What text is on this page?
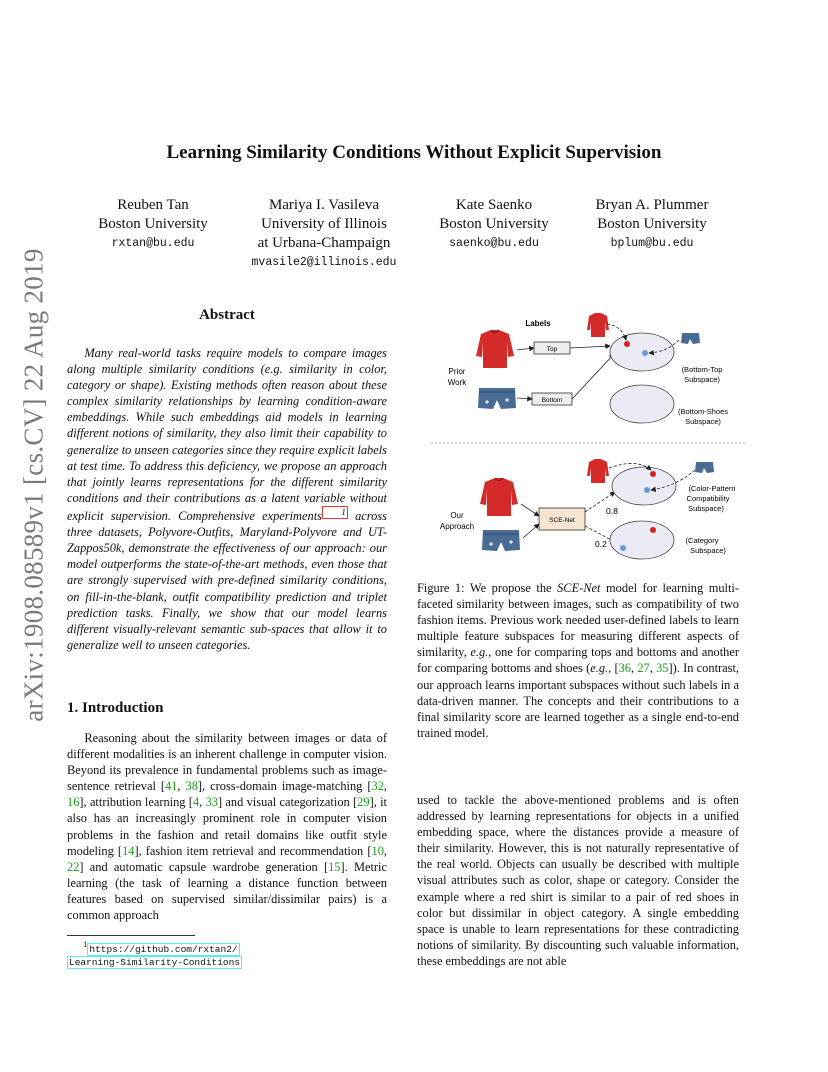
arXiv:1908.08589v1 [cs.CV] 22 Aug 2019
Learning Similarity Conditions Without Explicit Supervision
Reuben Tan
Boston University
rxtan@bu.edu
Mariya I. Vasileva
University of Illinois
at Urbana-Champaign
mvasile2@illinois.edu
Kate Saenko
Boston University
saenko@bu.edu
Bryan A. Plummer
Boston University
bplum@bu.edu
Abstract

Many real-world tasks require models to compare images along multiple similarity conditions (e.g. similarity in color, category or shape). Existing methods often reason about these complex similarity relationships by learning condition-aware embeddings. While such embeddings aid models in learning different notions of similarity, they also limit their capability to generalize to unseen categories since they require explicit labels at test time. To address this deficiency, we propose an approach that jointly learns representations for the different similarity conditions and their contributions as a latent variable without explicit supervision. Comprehensive experiments 1 across three datasets, Polyvore-Outfits, Maryland-Polyvore and UT-Zappos50k, demonstrate the effectiveness of our approach: our model outperforms the state-of-the-art methods, even those that are strongly supervised with pre-defined similarity conditions, on fill-in-the-blank, outfit compatibility prediction and triplet prediction tasks. Finally, we show that our model learns different visually-relevant semantic sub-spaces that allow it to generalize well to unseen categories.

1. Introduction

Reasoning about the similarity between images or data of different modalities is an inherent challenge in computer vision. Beyond its prevalence in fundamental problems such as image-sentence retrieval [41, 38], cross-domain image-matching [32, 16], attribution learning [4, 33] and visual categorization [29], it also has an increasingly prominent role in computer vision problems in the fashion and retail domains like outfit style modeling [14], fashion item retrieval and recommendation [10, 22] and automatic capsule wardrobe generation [15]. Metric learning (the task of learning a distance function between features based on supervised similar/dissimilar pairs) is a common approach

$^1$ https://github.com/rxtan2/
Learning-Similarity-Conditions
Labels
Prior
Work
Top
Bottom
(Bottom-Top
Subspace)
(Bottom-Shoes
Subspace)
Our
Approach
SCE-Net
0.8
0.2
(Color-Pattern
Compatibility
Subspace)
(Category
Subspace)

Figure 1: We propose the SCE-Net model for learning multi-faceted similarity between images, such as compatibility of two fashion items. Previous work needed user-defined labels to learn multiple feature subspaces for measuring different aspects of similarity, e.g., one for comparing tops and bottoms and another for comparing bottoms and shoes (e.g., [36, 27, 35]). In contrast, our approach learns important subspaces without such labels in a data-driven manner. The concepts and their contributions to a final similarity score are learned together as a single end-to-end trained model.

used to tackle the above-mentioned problems and is often addressed by learning representations for objects in a unified embedding space, where the distances provide a measure of their similarity. However, this is not naturally representative of the real world. Objects can usually be described with multiple visual attributes such as color, shape or category. Consider the example where a red shirt is similar to a pair of red shoes in color but dissimilar in object category. A single embedding space is unable to learn representations for these contradicting notions of similarity. By discounting such valuable information, these embeddings are not able
